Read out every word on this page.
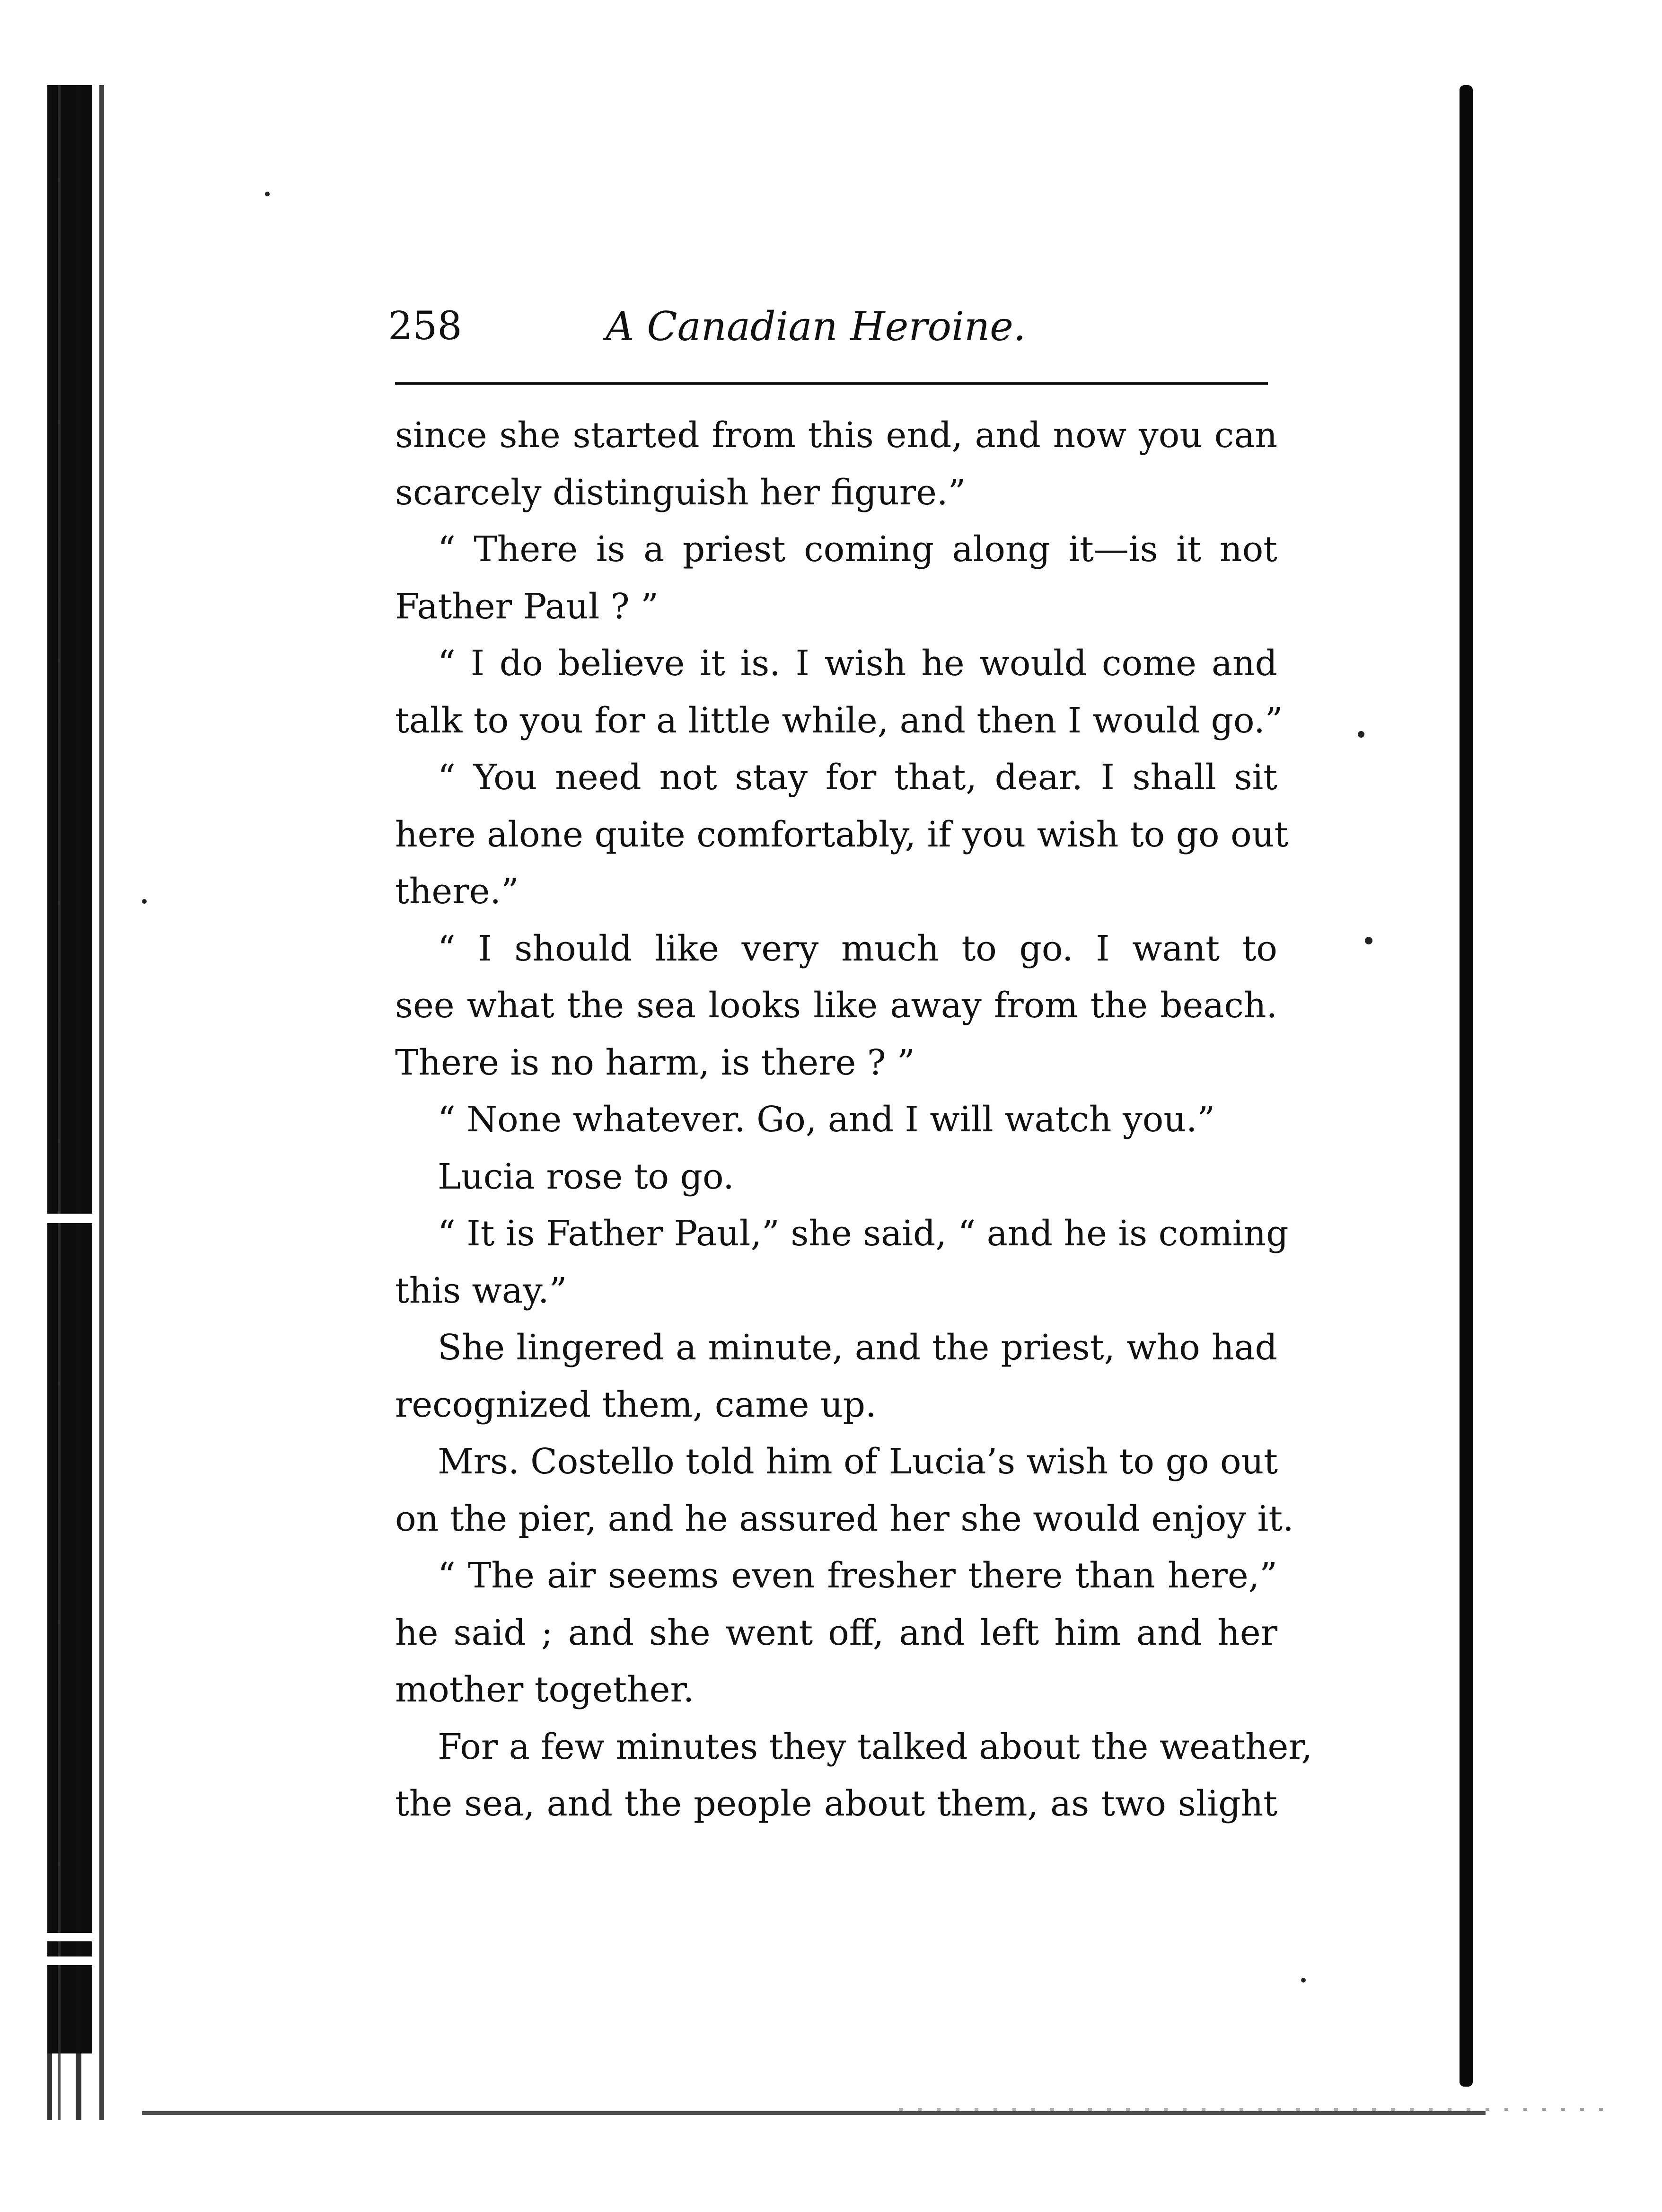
258	A Canadian Heroine.
since she started from this end, and now you can
scarcely distinguish her figure.”
“ There is a priest coming along it—is it not
Father Paul ? ”
“ I do believe it is. I wish he would come and
talk to you for a little while, and then I would go.”
“ You need not stay for that, dear. I shall sit
here alone quite comfortably, if you wish to go out
there.”
“ I should like very much to go. I want to
see what the sea looks like away from the beach.
There is no harm, is there ? ”
“ None whatever. Go, and I will watch you.”
Lucia rose to go.
“ It is Father Paul,” she said, “ and he is coming
this way.”
She lingered a minute, and the priest, who had
recognized them, came up.
Mrs. Costello told him of Lucia’s wish to go out
on the pier, and he assured her she would enjoy it.
“ The air seems even fresher there than here,”
he said ; and she went off, and left him and her
mother together.
For a few minutes they talked about the weather,
the sea, and the people about them, as two slight
